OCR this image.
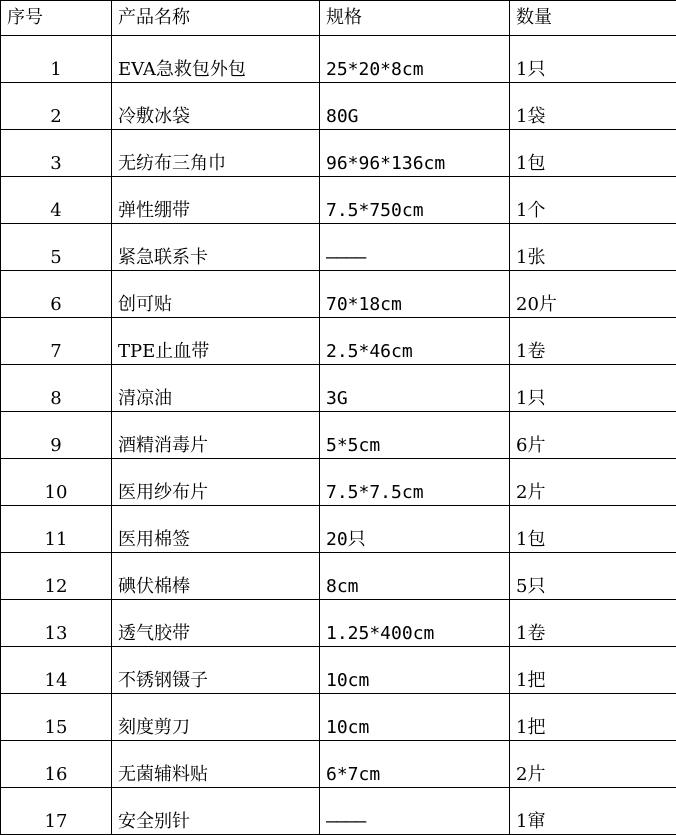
序号	产品名称	规格	数量
1	EVA急救包外包	25*20*8cm	1只
2	冷敷冰袋	80G	1袋
3	无纺布三角巾	96*96*136cm	1包
4	弹性绷带	7.5*750cm	1个
5	紧急联系卡	————	1张
6	创可贴	70*18cm	20片
7	TPE止血带	2.5*46cm	1卷
8	清凉油	3G	1只
9	酒精消毒片	5*5cm	6片
10	医用纱布片	7.5*7.5cm	2片
11	医用棉签	20只	1包
12	碘伏棉棒	8cm	5只
13	透气胶带	1.25*400cm	1卷
14	不锈钢镊子	10cm	1把
15	刻度剪刀	10cm	1把
16	无菌辅料贴	6*7cm	2片
17	安全别针	————	1窜
